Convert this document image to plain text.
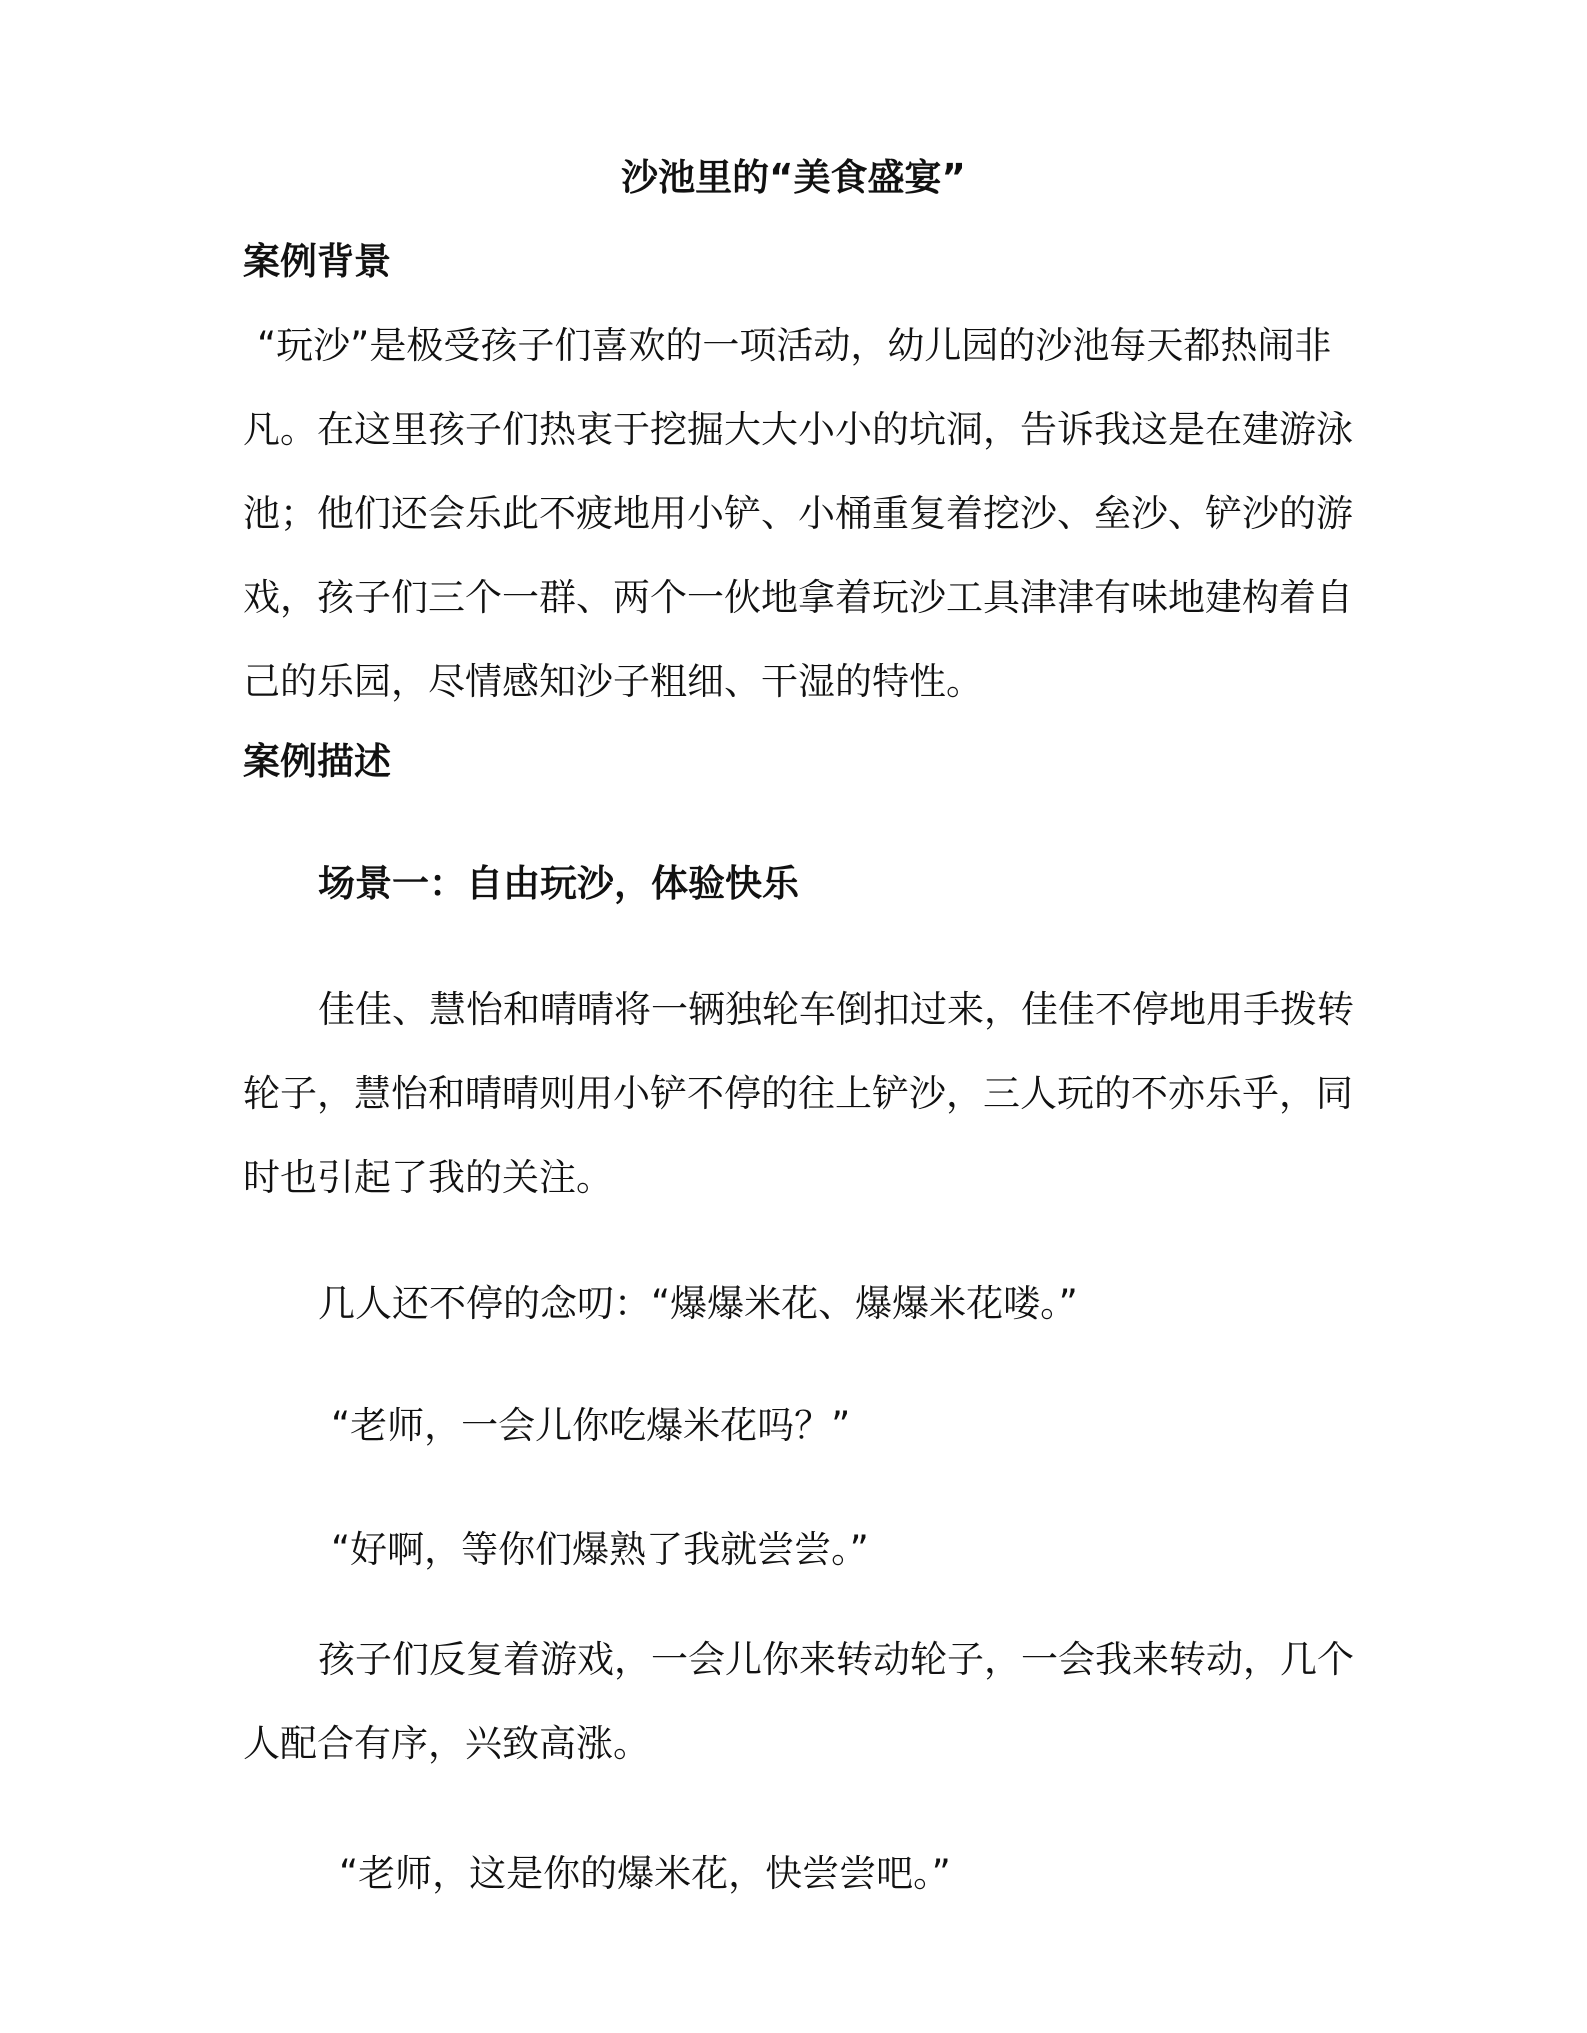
沙池里的“美食盛宴”
案例背景
“玩沙”是极受孩子们喜欢的一项活动，幼儿园的沙池每天都热闹非
凡。在这里孩子们热衷于挖掘大大小小的坑洞，告诉我这是在建游泳
池；他们还会乐此不疲地用小铲、小桶重复着挖沙、垒沙、铲沙的游
戏，孩子们三个一群、两个一伙地拿着玩沙工具津津有味地建构着自
己的乐园，尽情感知沙子粗细、干湿的特性。
案例描述
场景一：自由玩沙，体验快乐
佳佳、慧怡和晴晴将一辆独轮车倒扣过来，佳佳不停地用手拨转
轮子，慧怡和晴晴则用小铲不停的往上铲沙，三人玩的不亦乐乎，同
时也引起了我的关注。
几人还不停的念叨：“爆爆米花、爆爆米花喽。”
“老师，一会儿你吃爆米花吗？”
“好啊，等你们爆熟了我就尝尝。”
孩子们反复着游戏，一会儿你来转动轮子，一会我来转动，几个
人配合有序，兴致高涨。
“老师，这是你的爆米花，快尝尝吧。”
